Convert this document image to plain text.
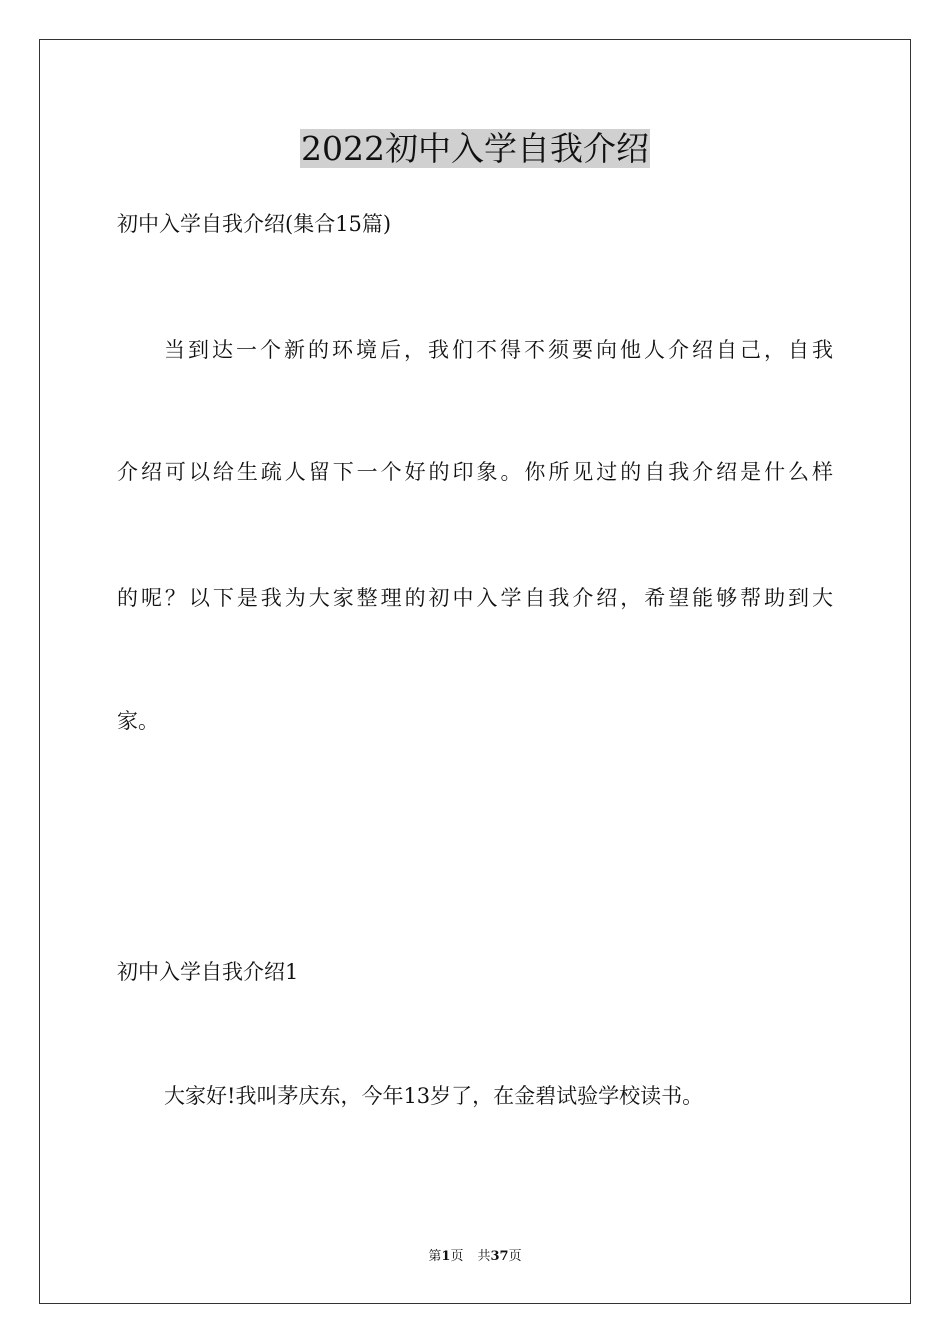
2022初中入学自我介绍

初中入学自我介绍(集合15篇)

当到达一个新的环境后，我们不得不须要向他人介绍自己，自我

介绍可以给生疏人留下一个好的印象。你所见过的自我介绍是什么样

的呢？以下是我为大家整理的初中入学自我介绍，希望能够帮助到大

家。

初中入学自我介绍1

大家好!我叫茅庆东，今年13岁了，在金碧试验学校读书。

第1页 共37页
